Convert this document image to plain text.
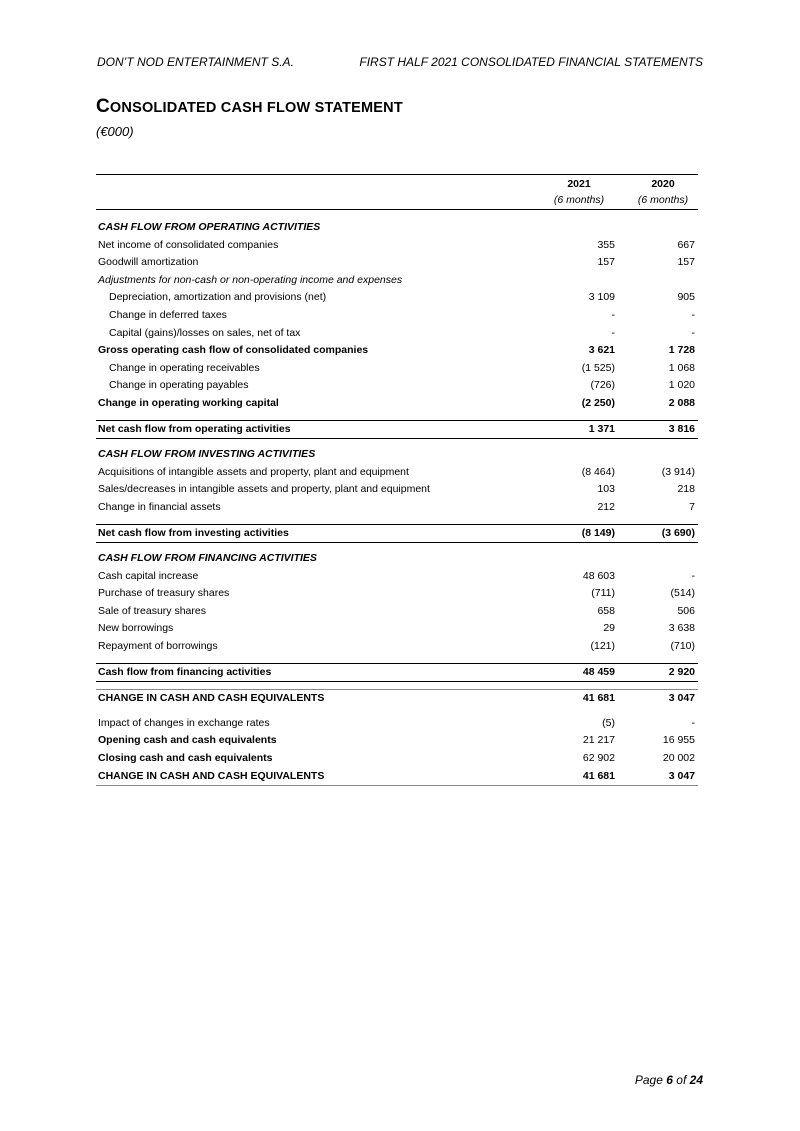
DON’T NOD ENTERTAINMENT S.A.	FIRST HALF 2021 CONSOLIDATED FINANCIAL STATEMENTS
CONSOLIDATED CASH FLOW STATEMENT
(€000)
2021	2020
(6 months)	(6 months)
CASH FLOW FROM OPERATING ACTIVITIES
Net income of consolidated companies	355	667
Goodwill amortization	157	157
Adjustments for non-cash or non-operating income and expenses
Depreciation, amortization and provisions (net)	3 109	905
Change in deferred taxes	-	-
Capital (gains)/losses on sales, net of tax	-	-
Gross operating cash flow of consolidated companies	3 621	1 728
Change in operating receivables	(1 525)	1 068
Change in operating payables	(726)	1 020
Change in operating working capital	(2 250)	2 088
Net cash flow from operating activities	1 371	3 816
CASH FLOW FROM INVESTING ACTIVITIES
Acquisitions of intangible assets and property, plant and equipment	(8 464)	(3 914)
Sales/decreases in intangible assets and property, plant and equipment	103	218
Change in financial assets	212	7
Net cash flow from investing activities	(8 149)	(3 690)
CASH FLOW FROM FINANCING ACTIVITIES
Cash capital increase	48 603	-
Purchase of treasury shares	(711)	(514)
Sale of treasury shares	658	506
New borrowings	29	3 638
Repayment of borrowings	(121)	(710)
Cash flow from financing activities	48 459	2 920
CHANGE IN CASH AND CASH EQUIVALENTS	41 681	3 047
Impact of changes in exchange rates	(5)	-
Opening cash and cash equivalents	21 217	16 955
Closing cash and cash equivalents	62 902	20 002
CHANGE IN CASH AND CASH EQUIVALENTS	41 681	3 047
Page 6 of 24
